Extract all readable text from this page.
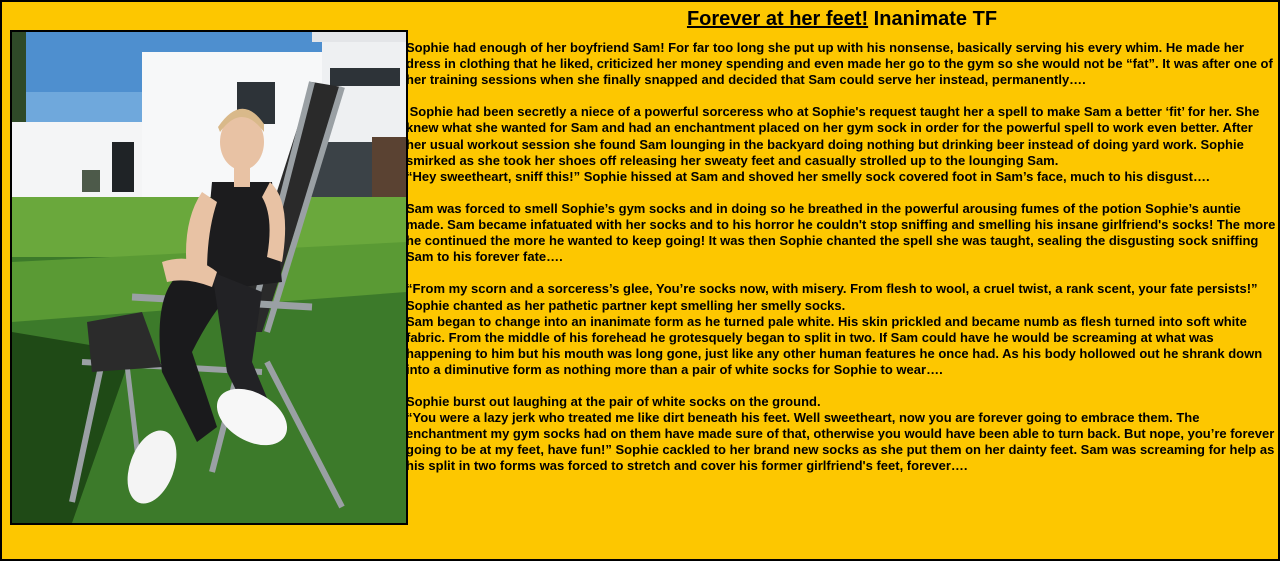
Forever at her feet! Inanimate TF

Sophie had enough of her boyfriend Sam! For far too long she put up with his nonsense, basically serving his every whim. He made her dress in clothing that he liked, criticized her money spending and even made her go to the gym so she would not be “fat”. It was after one of her training sessions when she finally snapped and decided that Sam could serve her instead, permanently….

Sophie had been secretly a niece of a powerful sorceress who at Sophie's request taught her a spell to make Sam a better ‘fit’ for her. She knew what she wanted for Sam and had an enchantment placed on her gym sock in order for the powerful spell to work even better. After her usual workout session she found Sam lounging in the backyard doing nothing but drinking beer instead of doing yard work. Sophie smirked as she took her shoes off releasing her sweaty feet and casually strolled up to the lounging Sam.

“Hey sweetheart, sniff this!” Sophie hissed at Sam and shoved her smelly sock covered foot in Sam’s face, much to his disgust….

Sam was forced to smell Sophie’s gym socks and in doing so he breathed in the powerful arousing fumes of the potion Sophie’s auntie made. Sam became infatuated with her socks and to his horror he couldn't stop sniffing and smelling his insane girlfriend's socks! The more he continued the more he wanted to keep going! It was then Sophie chanted the spell she was taught, sealing the disgusting sock sniffing Sam to his forever fate….

“From my scorn and a sorceress’s glee, You’re socks now, with misery. From flesh to wool, a cruel twist, a rank scent, your fate persists!” Sophie chanted as her pathetic partner kept smelling her smelly socks.

Sam began to change into an inanimate form as he turned pale white. His skin prickled and became numb as flesh turned into soft white fabric. From the middle of his forehead he grotesquely began to split in two. If Sam could have he would be screaming at what was happening to him but his mouth was long gone, just like any other human features he once had. As his body hollowed out he shrank down into a diminutive form as nothing more than a pair of white socks for Sophie to wear….

Sophie burst out laughing at the pair of white socks on the ground.

“You were a lazy jerk who treated me like dirt beneath his feet. Well sweetheart, now you are forever going to embrace them. The enchantment my gym socks had on them have made sure of that, otherwise you would have been able to turn back. But nope, you’re forever going to be at my feet, have fun!” Sophie cackled to her brand new socks as she put them on her dainty feet. Sam was screaming for help as his split in two forms was forced to stretch and cover his former girlfriend's feet, forever….
